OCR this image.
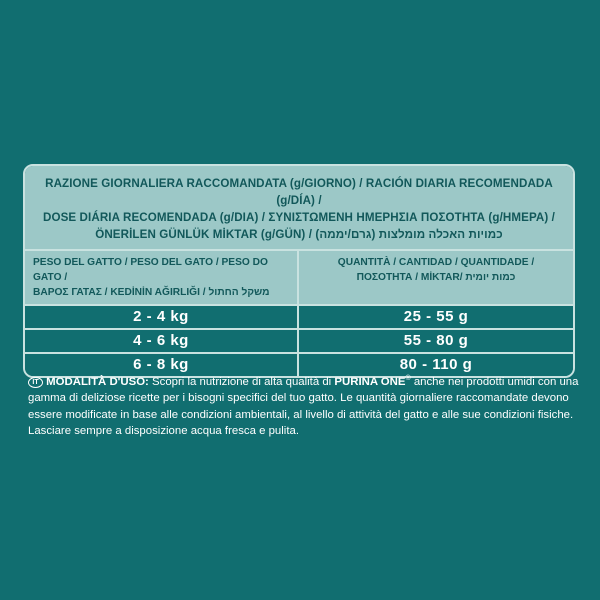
RAZIONE GIORNALIERA RACCOMANDATA (g/GIORNO) / RACIÓN DIARIA RECOMENDADA (g/DÍA) /
DOSE DIÁRIA RECOMENDADA (g/DIA) / ΣΥΝΙΣΤΩΜΕΝΗ ΗΜΕΡΗΣΙΑ ΠΟΣΟΤΗΤΑ (g/ΗΜΕΡΑ) /
ÖNERİLEN GÜNLÜK MİKTAR (g/GÜN) / כמויות האכלה מומלצות (גרם/יממה)
PESO DEL GATTO / PESO DEL GATO / PESO DO GATO /
ΒΑΡΟΣ ΓΑΤΑΣ / KEDİNİN AĞIRLIĞI / משקל החתול
QUANTITÀ / CANTIDAD / QUANTIDADE /
ΠΟΣΟΤΗΤΑ / MİKTAR/ כמות יומית
2 - 4 kg	25 - 55 g
4 - 6 kg	55 - 80 g
6 - 8 kg	80 - 110 g
IT MODALITÀ D'USO: Scopri la nutrizione di alta qualità di PURINA ONE® anche nei prodotti umidi con una gamma di deliziose ricette per i bisogni specifici del tuo gatto. Le quantità giornaliere raccomandate devono essere modificate in base alle condizioni ambientali, al livello di attività del gatto e alle sue condizioni fisiche. Lasciare sempre a disposizione acqua fresca e pulita.
